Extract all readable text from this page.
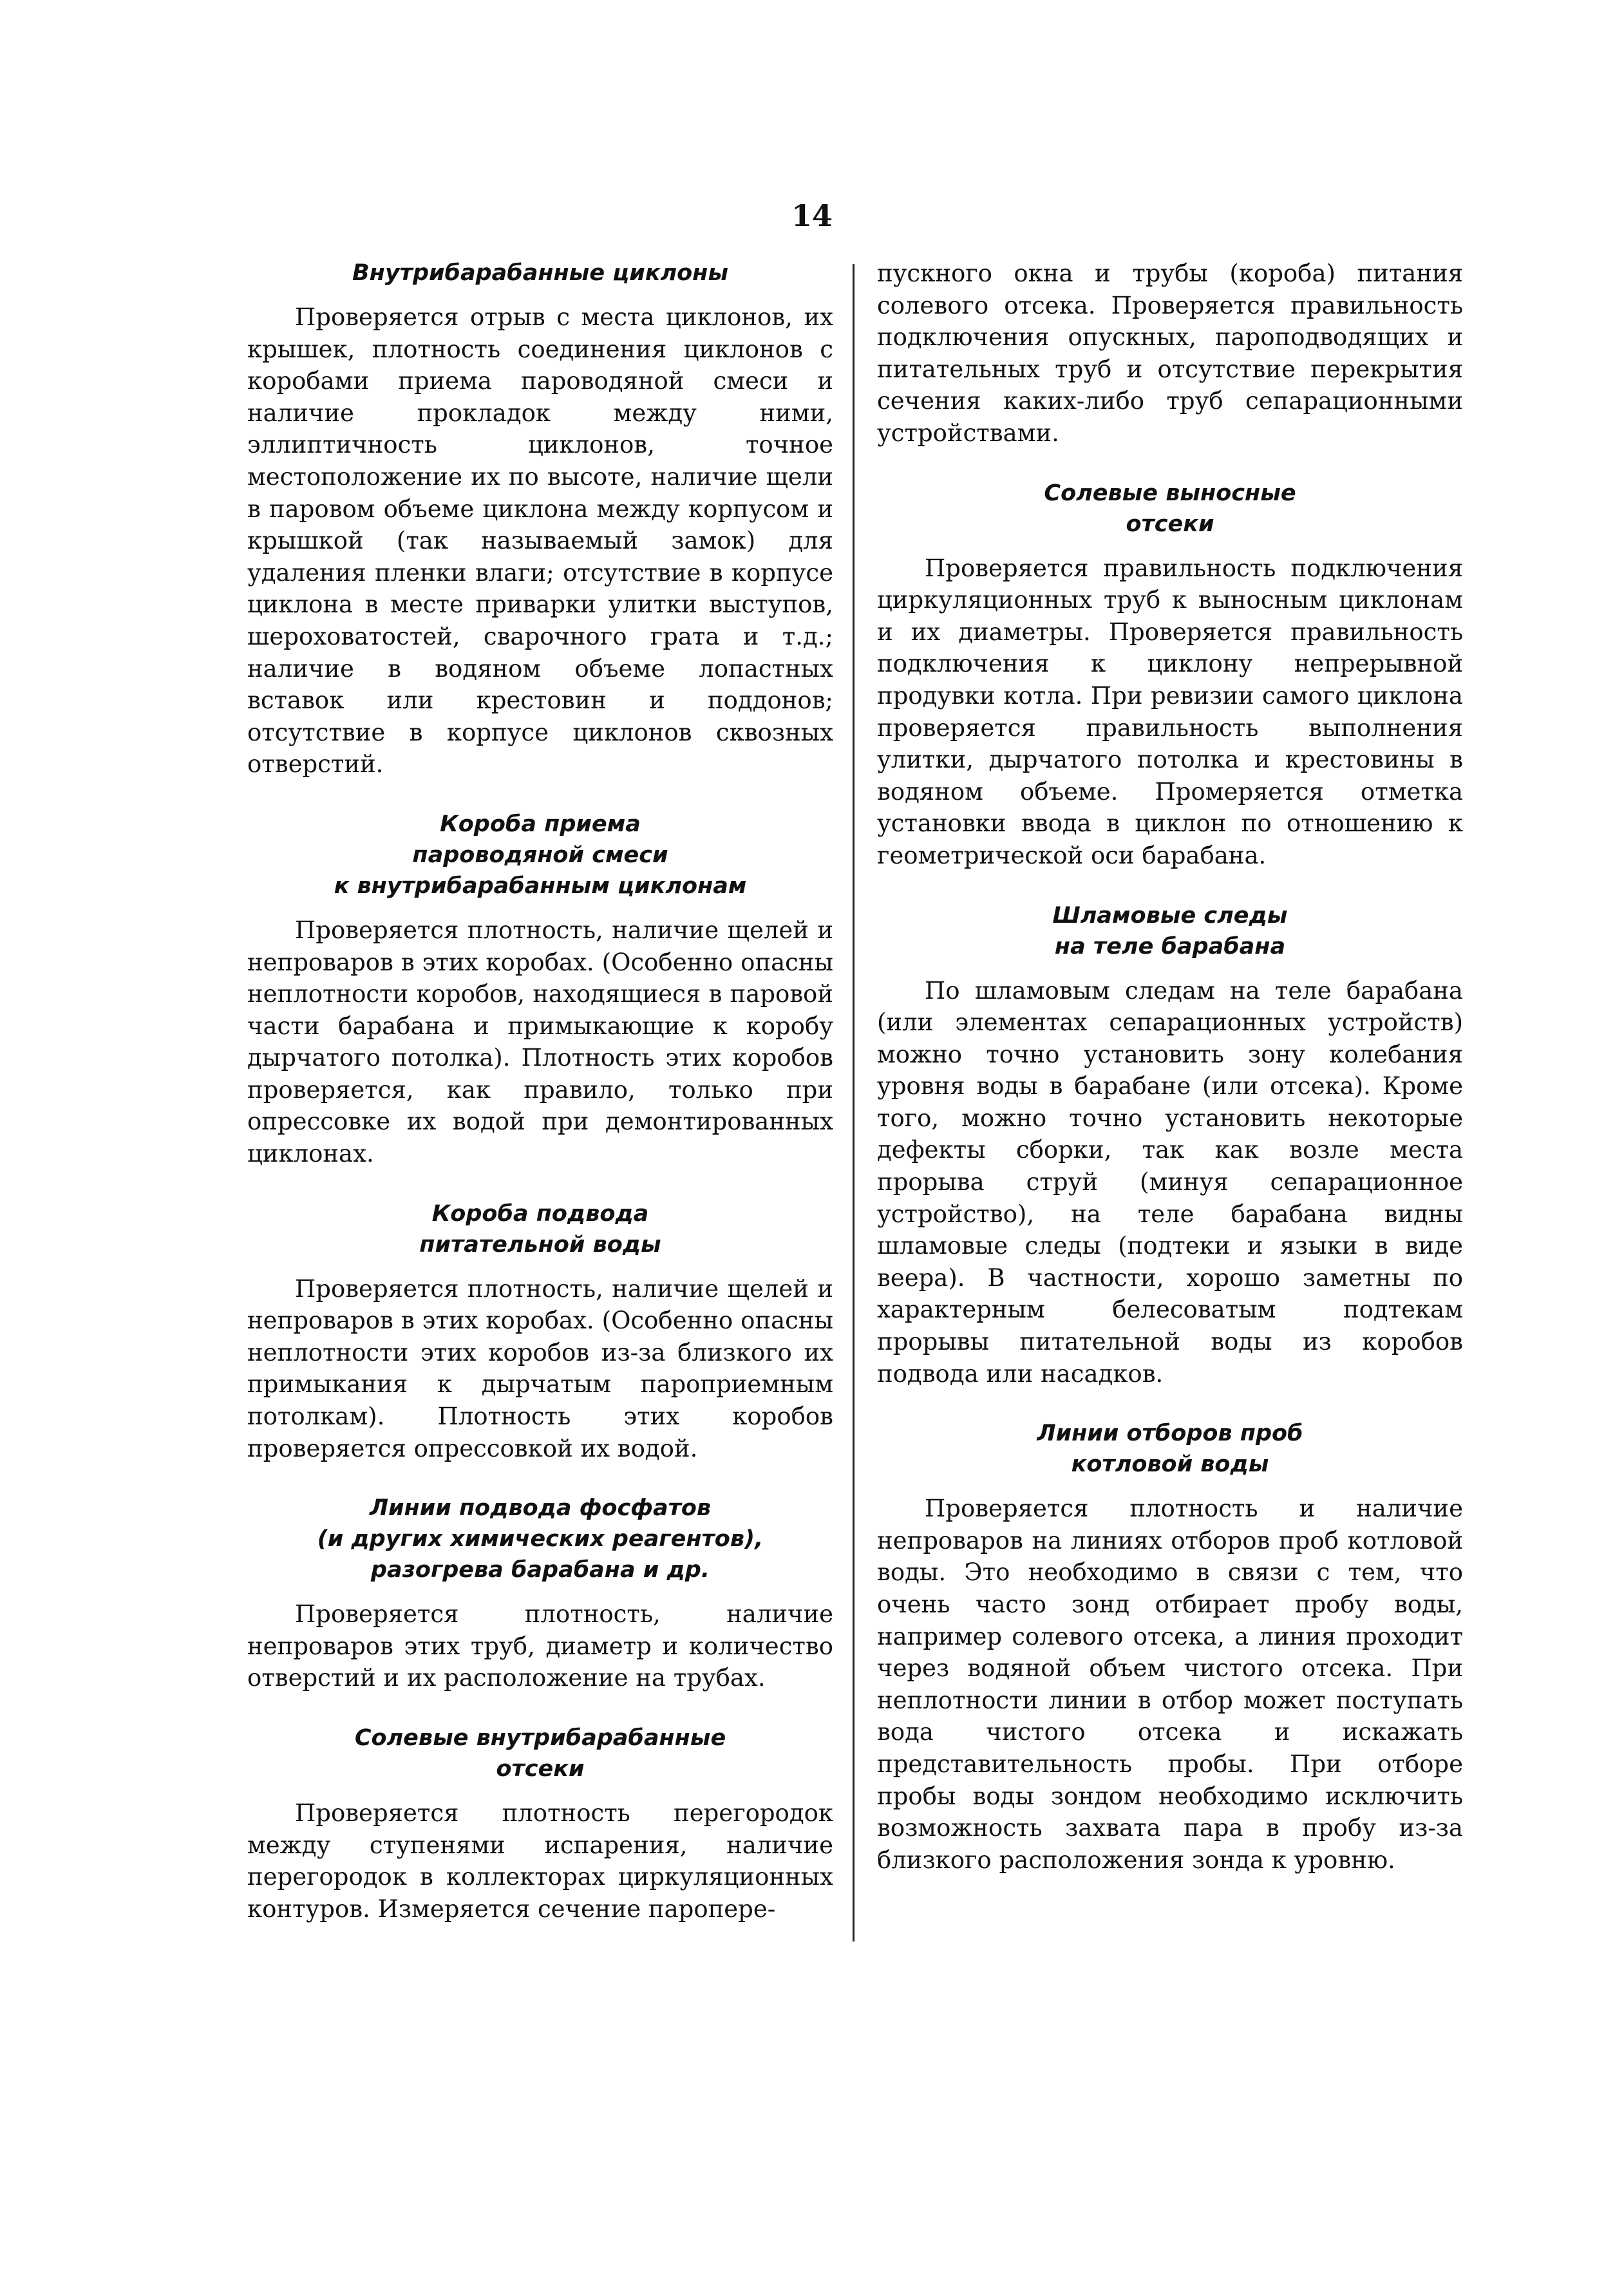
14
Внутрибарабанные циклоны

Проверяется отрыв с места циклонов, их крышек, плотность соединения циклонов с коробами приема пароводяной смеси и наличие прокладок между ними, эллиптичность циклонов, точное местоположение их по высоте, наличие щели в паровом объеме циклона между корпусом и крышкой (так называемый замок) для удаления пленки влаги; отсутствие в корпусе циклона в месте приварки улитки выступов, шероховатостей, сварочного грата и т.д.; наличие в водяном объеме лопастных вставок или крестовин и поддонов; отсутствие в корпусе циклонов сквозных отверстий.

Короба приема
пароводяной смеси
к внутрибарабанным циклонам

Проверяется плотность, наличие щелей и непроваров в этих коробах. (Особенно опасны неплотности коробов, находящиеся в паровой части барабана и примыкающие к коробу дырчатого потолка). Плотность этих коробов проверяется, как правило, только при опрессовке их водой при демонтированных циклонах.

Короба подвода
питательной воды

Проверяется плотность, наличие щелей и непроваров в этих коробах. (Особенно опасны неплотности этих коробов из-за близкого их примыкания к дырчатым пароприемным потолкам). Плотность этих коробов проверяется опрессовкой их водой.

Линии подвода фосфатов
(и других химических реагентов),
разогрева барабана и др.

Проверяется плотность, наличие непроваров этих труб, диаметр и количество отверстий и их расположение на трубах.

Солевые внутрибарабанные
отсеки

Проверяется плотность перегородок между ступенями испарения, наличие перегородок в коллекторах циркуляционных контуров. Измеряется сечение паропере-

пускного окна и трубы (короба) питания солевого отсека. Проверяется правильность подключения опускных, пароподводящих и питательных труб и отсутствие перекрытия сечения каких-либо труб сепарационными устройствами.

Солевые выносные
отсеки

Проверяется правильность подключения циркуляционных труб к выносным циклонам и их диаметры. Проверяется правильность подключения к циклону непрерывной продувки котла. При ревизии самого циклона проверяется правильность выполнения улитки, дырчатого потолка и крестовины в водяном объеме. Промеряется отметка установки ввода в циклон по отношению к геометрической оси барабана.

Шламовые следы
на теле барабана

По шламовым следам на теле барабана (или элементах сепарационных устройств) можно точно установить зону колебания уровня воды в барабане (или отсека). Кроме того, можно точно установить некоторые дефекты сборки, так как возле места прорыва струй (минуя сепарационное устройство), на теле барабана видны шламовые следы (подтеки и языки в виде веера). В частности, хорошо заметны по характерным белесоватым подтекам прорывы питательной воды из коробов подвода или насадков.

Линии отборов проб
котловой воды

Проверяется плотность и наличие непроваров на линиях отборов проб котловой воды. Это необходимо в связи с тем, что очень часто зонд отбирает пробу воды, например солевого отсека, а линия проходит через водяной объем чистого отсека. При неплотности линии в отбор может поступать вода чистого отсека и искажать представительность пробы. При отборе пробы воды зондом необходимо исключить возможность захвата пара в пробу из-за близкого расположения зонда к уровню.
